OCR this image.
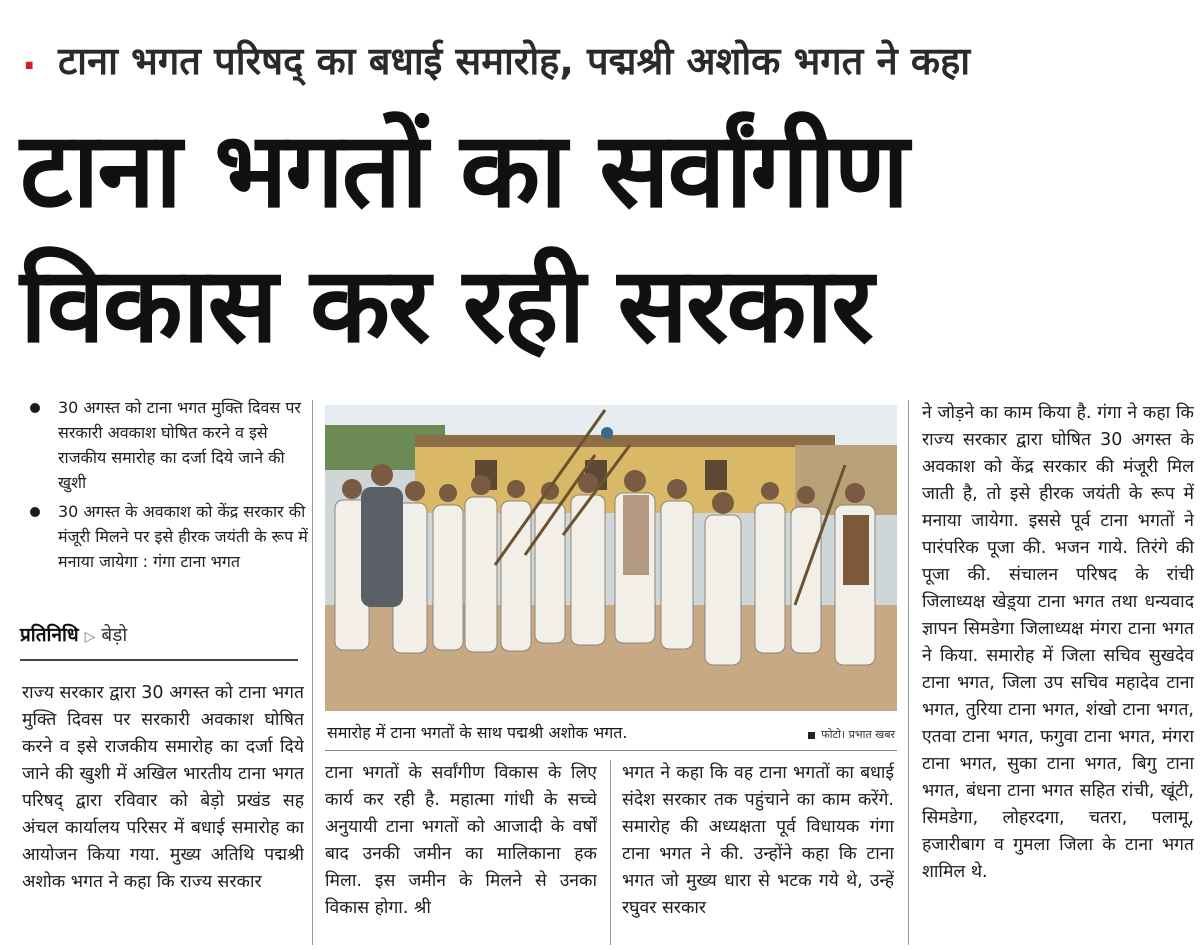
. टाना भगत परिषद् का बधाई समारोह, पद्मश्री अशोक भगत ने कहा
टाना भगतों का सर्वांगीण
विकास कर रही सरकार
30 अगस्त को टाना भगत मुक्ति दिवस पर सरकारी अवकाश घोषित करने व इसे राजकीय समारोह का दर्जा दिये जाने की खुशी
30 अगस्त के अवकाश को केंद्र सरकार की मंजूरी मिलने पर इसे हीरक जयंती के रूप में मनाया जायेगा : गंगा टाना भगत
प्रतिनिधि ▷ बेड़ो
समारोह में टाना भगतों के साथ पद्मश्री अशोक भगत.	फोटो। प्रभात खबर
राज्य सरकार द्वारा 30 अगस्त को टाना भगत मुक्ति दिवस पर सरकारी अवकाश घोषित करने व इसे राजकीय समारोह का दर्जा दिये जाने की खुशी में अखिल भारतीय टाना भगत परिषद् द्वारा रविवार को बेड़ो प्रखंड सह अंचल कार्यालय परिसर में बधाई समारोह का आयोजन किया गया. मुख्य अतिथि पद्मश्री अशोक भगत ने कहा कि राज्य सरकार
टाना भगतों के सर्वांगीण विकास के लिए कार्य कर रही है. महात्मा गांधी के सच्चे अनुयायी टाना भगतों को आजादी के वर्षों बाद उनकी जमीन का मालिकाना हक मिला. इस जमीन के मिलने से उनका विकास होगा. श्री
भगत ने कहा कि वह टाना भगतों का बधाई संदेश सरकार तक पहुंचाने का काम करेंगे. समारोह की अध्यक्षता पूर्व विधायक गंगा टाना भगत ने की. उन्होंने कहा कि टाना भगत जो मुख्य धारा से भटक गये थे, उन्हें रघुवर सरकार
ने जोड़ने का काम किया है. गंगा ने कहा कि राज्य सरकार द्वारा घोषित 30 अगस्त के अवकाश को केंद्र सरकार की मंजूरी मिल जाती है, तो इसे हीरक जयंती के रूप में मनाया जायेगा. इससे पूर्व टाना भगतों ने पारंपरिक पूजा की. भजन गाये. तिरंगे की पूजा की. संचालन परिषद के रांची जिलाध्यक्ष खेड़्या टाना भगत तथा धन्यवाद ज्ञापन सिमडेगा जिलाध्यक्ष मंगरा टाना भगत ने किया. समारोह में जिला सचिव सुखदेव टाना भगत, जिला उप सचिव महादेव टाना भगत, तुरिया टाना भगत, शंखो टाना भगत, एतवा टाना भगत, फगुवा टाना भगत, मंगरा टाना भगत, सुका टाना भगत, बिगु टाना भगत, बंधना टाना भगत सहित रांची, खूंटी, सिमडेगा, लोहरदगा, चतरा, पलामू, हजारीबाग व गुमला जिला के टाना भगत शामिल थे.
